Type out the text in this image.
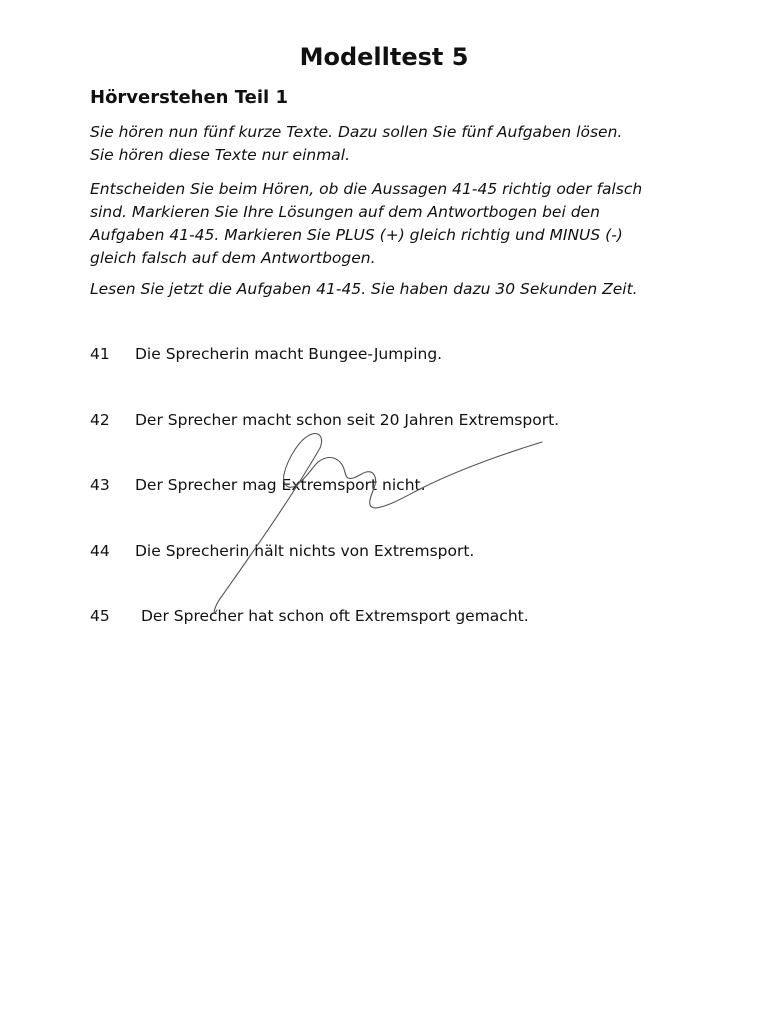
Modelltest 5
Hörverstehen Teil 1

Sie hören nun fünf kurze Texte. Dazu sollen Sie fünf Aufgaben lösen.
Sie hören diese Texte nur einmal.

Entscheiden Sie beim Hören, ob die Aussagen 41-45 richtig oder falsch
sind. Markieren Sie Ihre Lösungen auf dem Antwortbogen bei den
Aufgaben 41-45. Markieren Sie PLUS (+) gleich richtig und MINUS (-)
gleich falsch auf dem Antwortbogen.

Lesen Sie jetzt die Aufgaben 41-45. Sie haben dazu 30 Sekunden Zeit.

41 Die Sprecherin macht Bungee-Jumping.
42 Der Sprecher macht schon seit 20 Jahren Extremsport.
43 Der Sprecher mag Extremsport nicht.
44 Die Sprecherin hält nichts von Extremsport.
45 Der Sprecher hat schon oft Extremsport gemacht.
